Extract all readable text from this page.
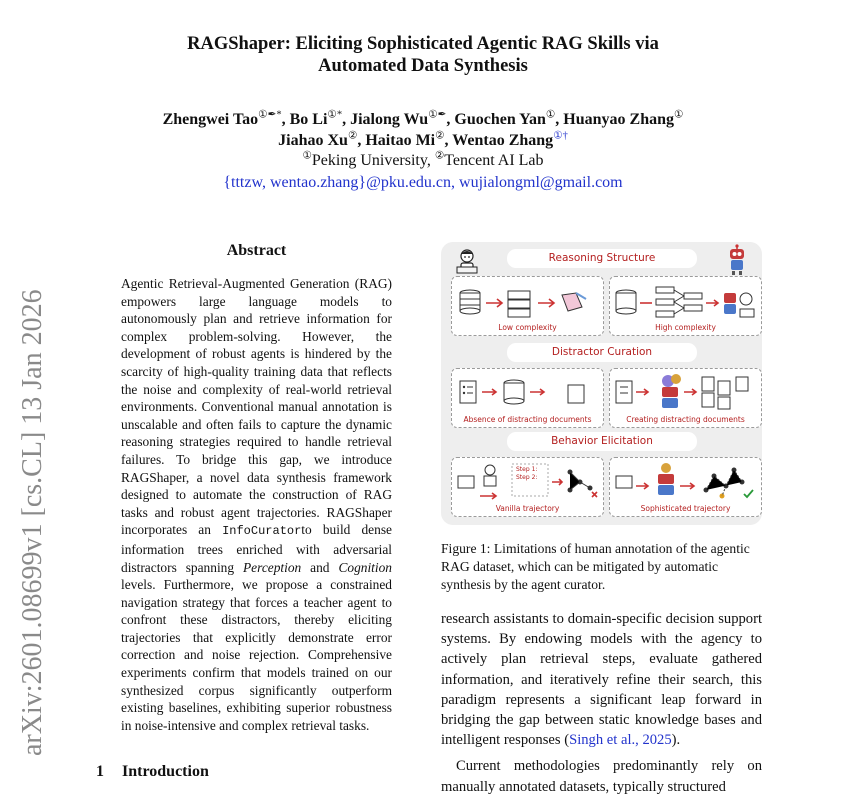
RAGShaper: Eliciting Sophisticated Agentic RAG Skills via
Automated Data Synthesis
Zhengwei Tao①✒*, Bo Li①*, Jialong Wu①✒, Guochen Yan①, Huanyao Zhang①
Jiahao Xu②, Haitao Mi②, Wentao Zhang①†
①Peking University, ②Tencent AI Lab
{tttzw, wentao.zhang}@pku.edu.cn, wujialongml@gmail.com
arXiv:2601.08699v1 [cs.CL] 13 Jan 2026
Abstract
Agentic Retrieval-Augmented Generation (RAG) empowers large language models to autonomously plan and retrieve information for complex problem-solving. However, the development of robust agents is hindered by the scarcity of high-quality training data that reflects the noise and complexity of real-world retrieval environments. Conventional manual annotation is unscalable and often fails to capture the dynamic reasoning strategies required to handle retrieval failures. To bridge this gap, we introduce RAGShaper, a novel data synthesis framework designed to automate the construction of RAG tasks and robust agent trajectories. RAGShaper incorporates an InfoCuratorto build dense information trees enriched with adversarial distractors spanning Perception and Cognition levels. Furthermore, we propose a constrained navigation strategy that forces a teacher agent to confront these distractors, thereby eliciting trajectories that explicitly demonstrate error correction and noise rejection. Comprehensive experiments confirm that models trained on our synthesized corpus significantly outperform existing baselines, exhibiting superior robustness in noise-intensive and complex retrieval tasks.
1 Introduction
Reasoning Structure
Distractor Curation
Behavior Elicitation
Low complexity	High complexity
Absence of distracting documents	Creating distracting documents
Step 1:
Step 2:
Vanilla trajectory	Sophisticated trajectory
Figure 1: Limitations of human annotation of the agentic RAG dataset, which can be mitigated by automatic synthesis by the agent curator.

research assistants to domain-specific decision support systems. By endowing models with the agency to actively plan retrieval steps, evaluate gathered information, and iteratively refine their search, this paradigm represents a significant leap forward in bridging the gap between static knowledge bases and intelligent responses (Singh et al., 2025).

Current methodologies predominantly rely on manually annotated datasets, typically structured
